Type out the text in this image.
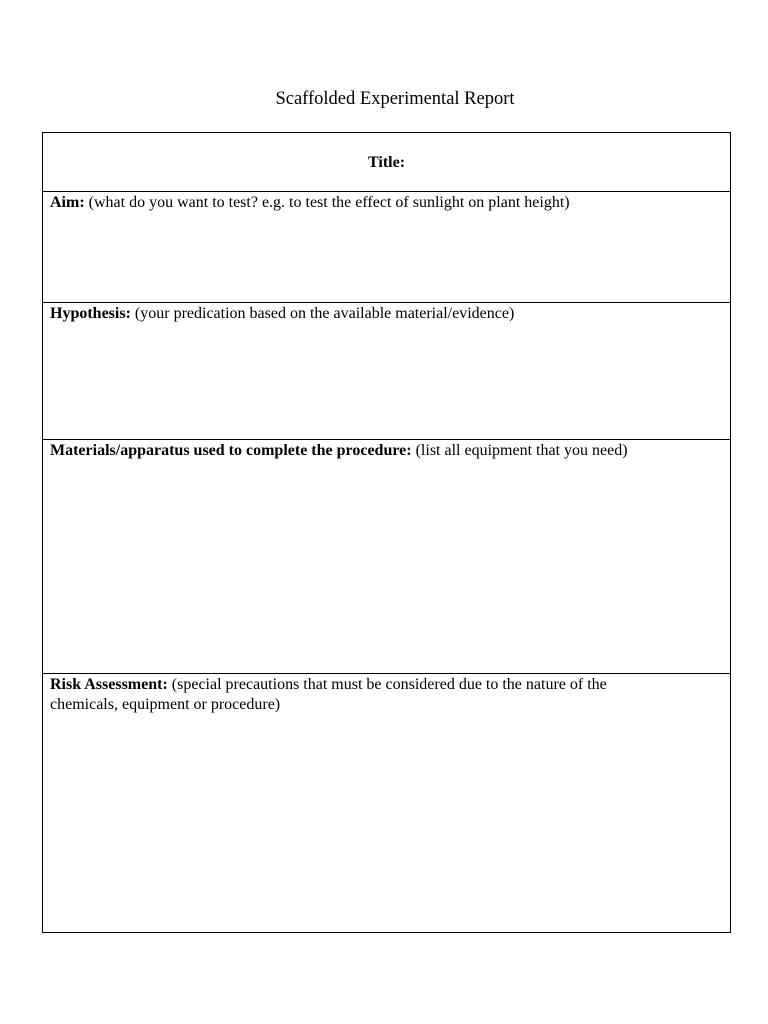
Scaffolded Experimental Report
Title:
Aim: (what do you want to test? e.g. to test the effect of sunlight on plant height)
Hypothesis: (your predication based on the available material/evidence)
Materials/apparatus used to complete the procedure: (list all equipment that you need)
Risk Assessment: (special precautions that must be considered due to the nature of the chemicals, equipment or procedure)
